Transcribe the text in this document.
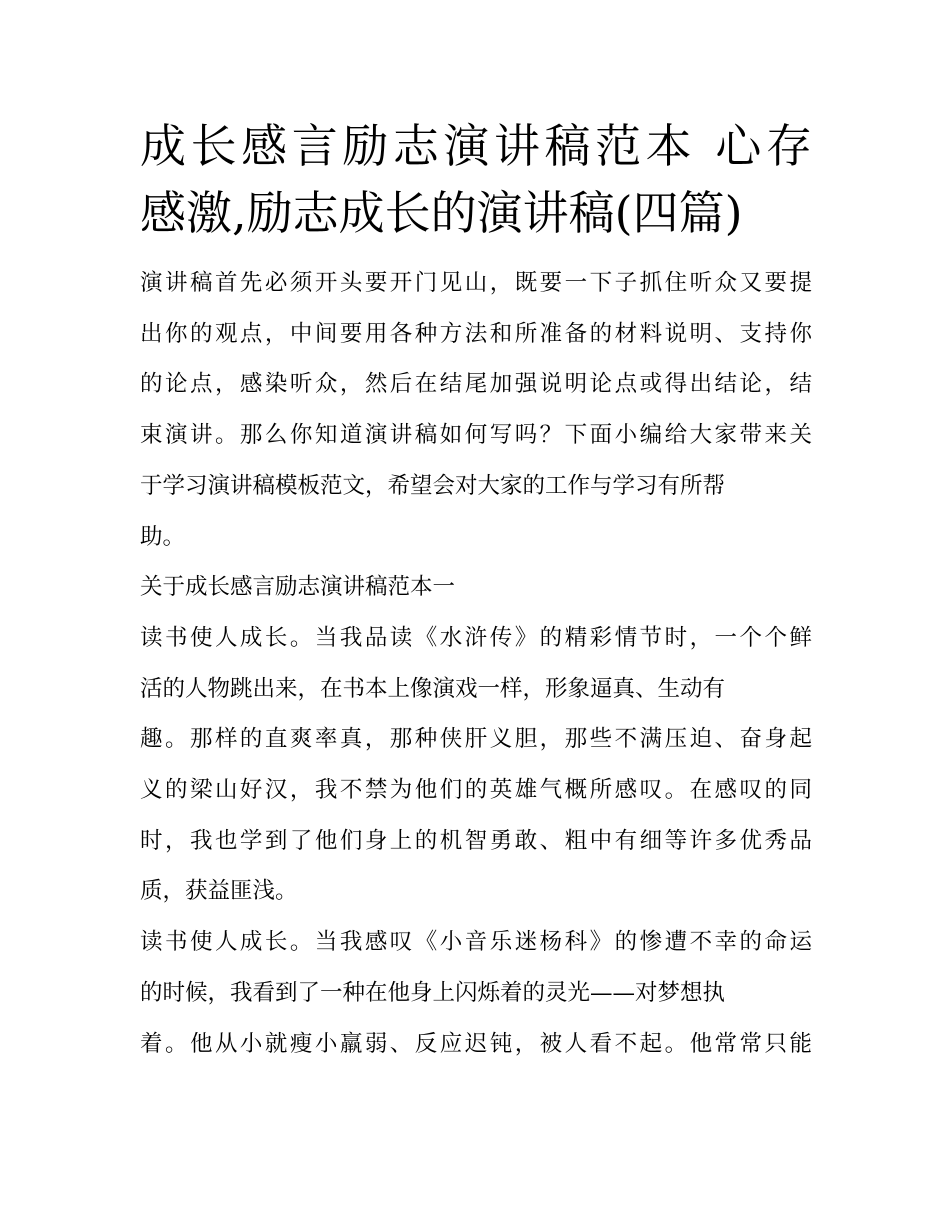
成长感言励志演讲稿范本 心存
感激,励志成长的演讲稿(四篇)

演讲稿首先必须开头要开门见山，既要一下子抓住听众又要提

出你的观点，中间要用各种方法和所准备的材料说明、支持你

的论点，感染听众，然后在结尾加强说明论点或得出结论，结

束演讲。那么你知道演讲稿如何写吗？下面小编给大家带来关

于学习演讲稿模板范文，希望会对大家的工作与学习有所帮

助。

关于成长感言励志演讲稿范本一

读书使人成长。当我品读《水浒传》的精彩情节时，一个个鲜

活的人物跳出来，在书本上像演戏一样，形象逼真、生动有

趣。那样的直爽率真，那种侠肝义胆，那些不满压迫、奋身起

义的梁山好汉，我不禁为他们的英雄气概所感叹。在感叹的同

时，我也学到了他们身上的机智勇敢、粗中有细等许多优秀品

质，获益匪浅。

读书使人成长。当我感叹《小音乐迷杨科》的惨遭不幸的命运

的时候，我看到了一种在他身上闪烁着的灵光——对梦想执

着。他从小就瘦小羸弱、反应迟钝，被人看不起。他常常只能
